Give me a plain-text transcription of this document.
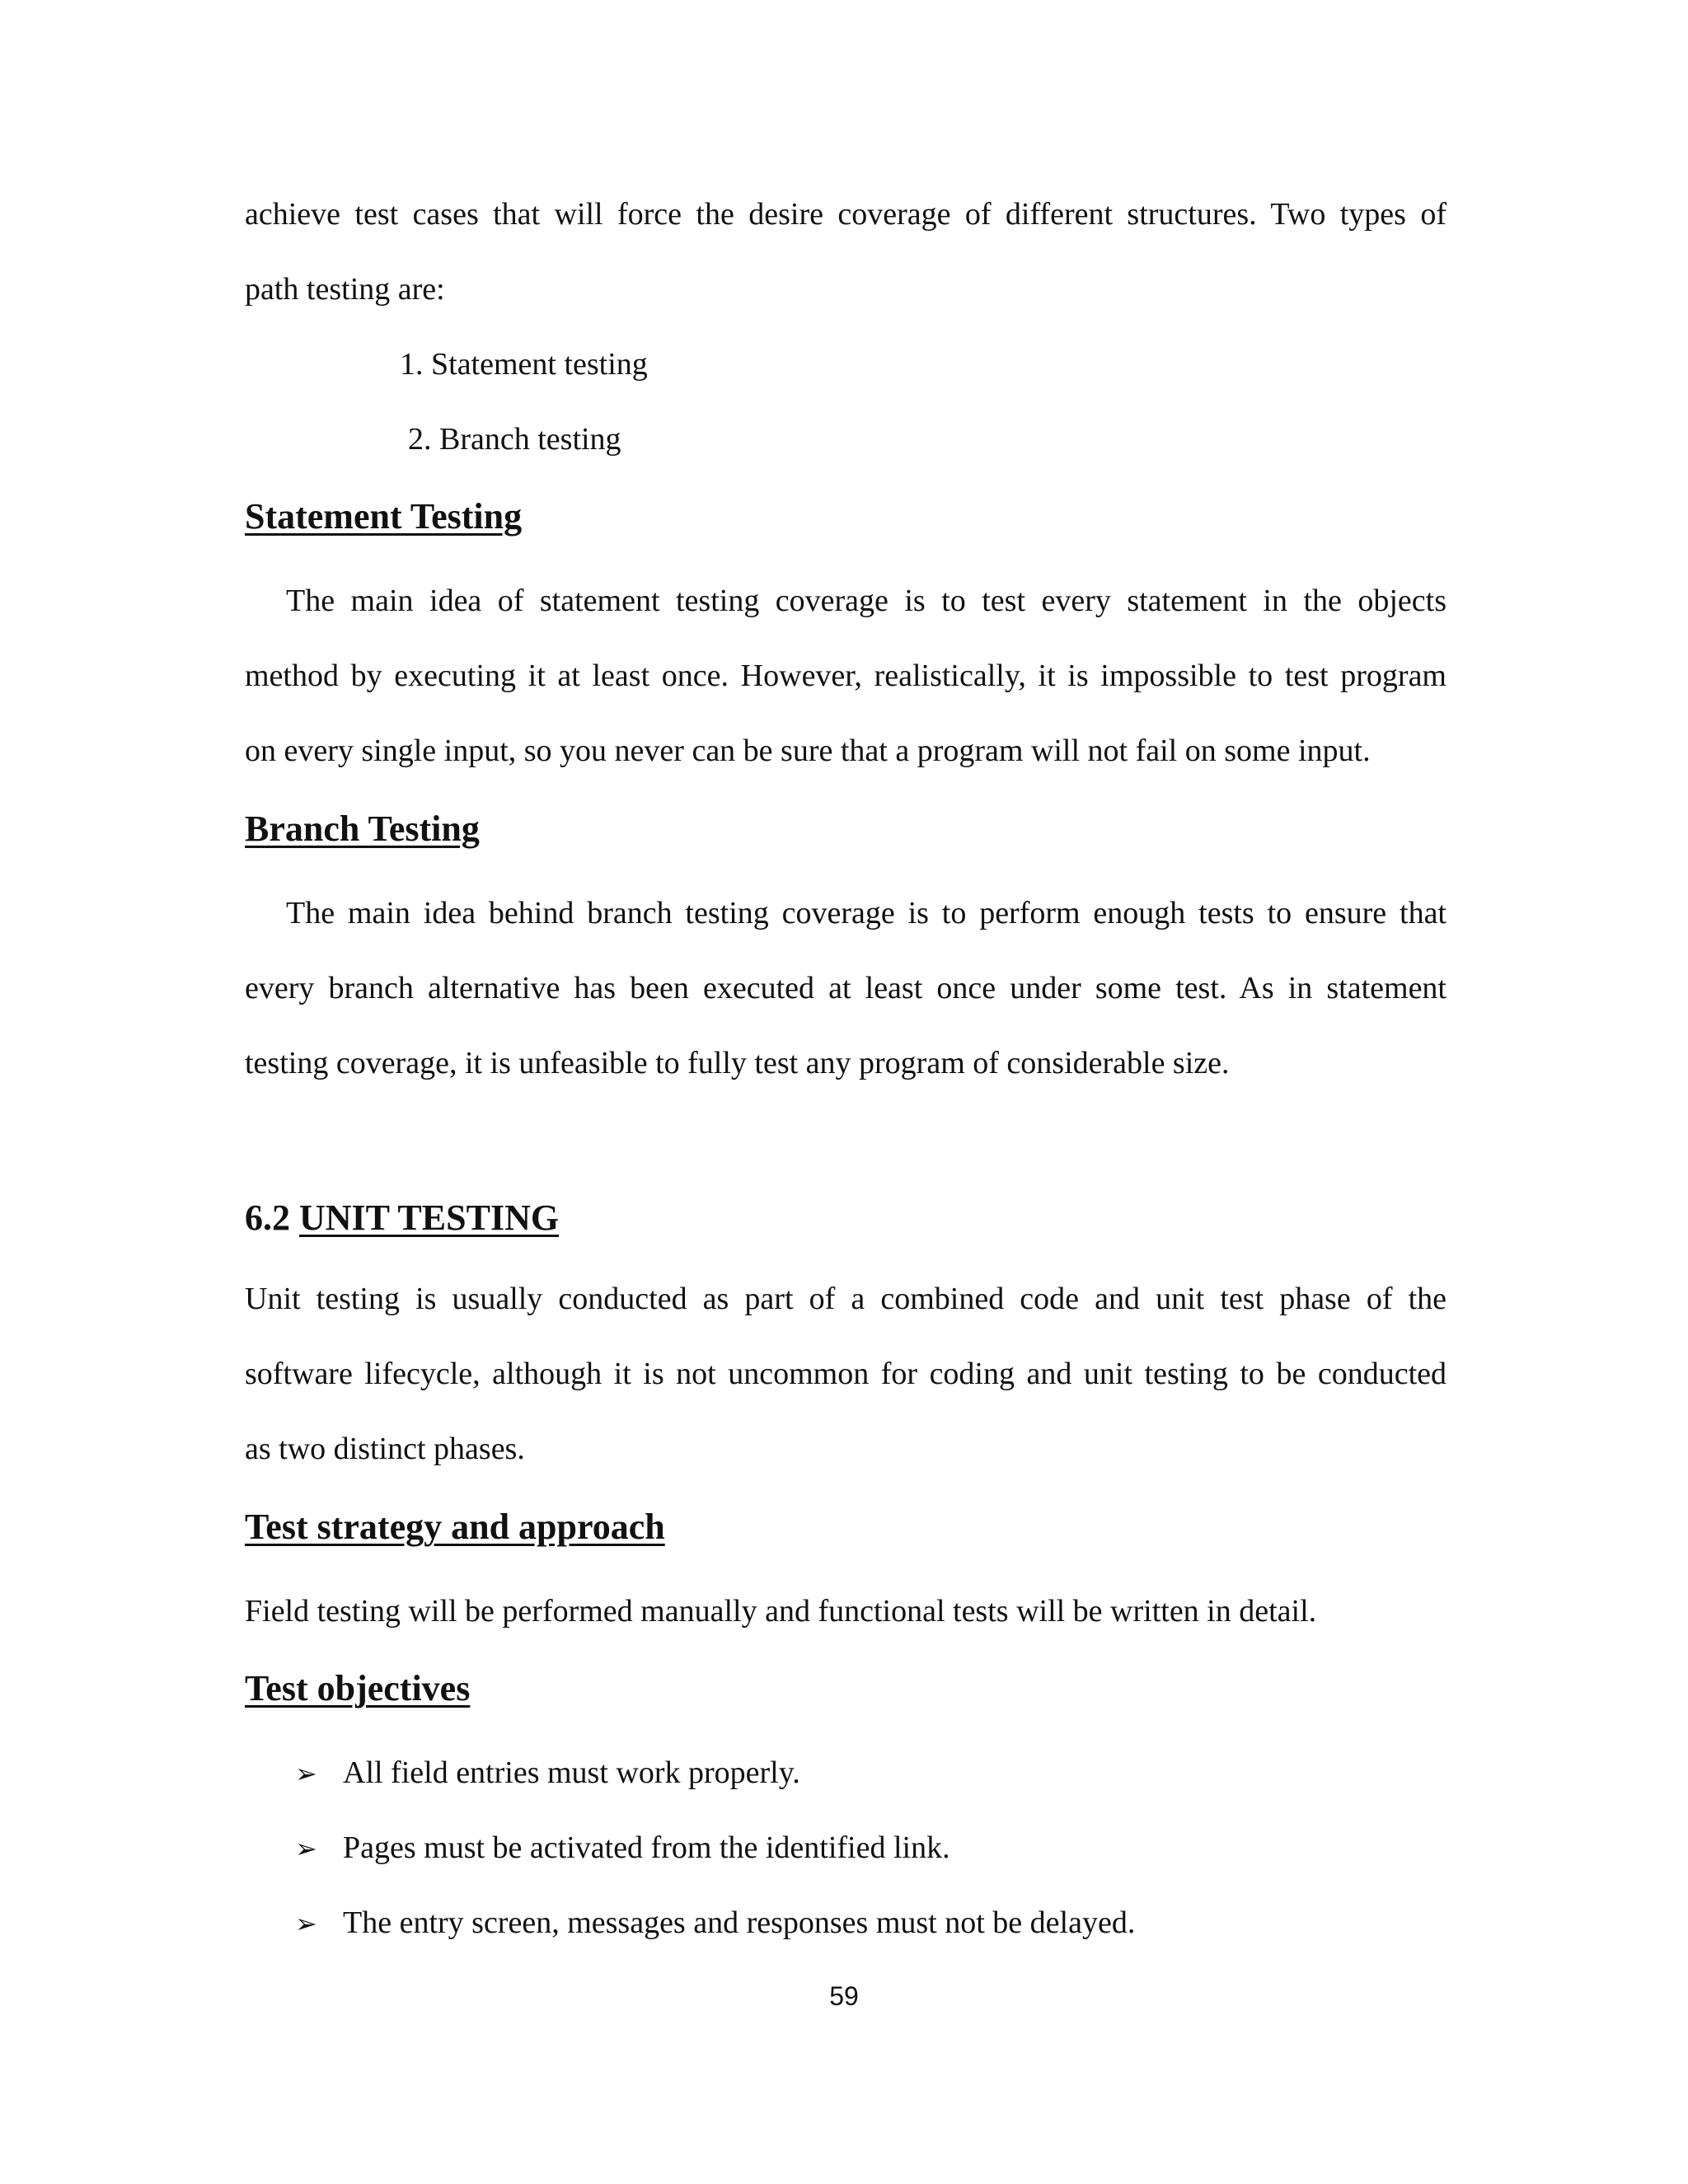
achieve test cases that will force the desire coverage of different structures. Two types of
path testing are:
1. Statement testing
2. Branch testing
Statement Testing
The main idea of statement testing coverage is to test every statement in the objects
method by executing it at least once. However, realistically, it is impossible to test program
on every single input, so you never can be sure that a program will not fail on some input.
Branch Testing
The main idea behind branch testing coverage is to perform enough tests to ensure that
every branch alternative has been executed at least once under some test. As in statement
testing coverage, it is unfeasible to fully test any program of considerable size.
6.2 UNIT TESTING
Unit testing is usually conducted as part of a combined code and unit test phase of the
software lifecycle, although it is not uncommon for coding and unit testing to be conducted
as two distinct phases.
Test strategy and approach
Field testing will be performed manually and functional tests will be written in detail.
Test objectives
➢ All field entries must work properly.
➢ Pages must be activated from the identified link.
➢ The entry screen, messages and responses must not be delayed.
59
